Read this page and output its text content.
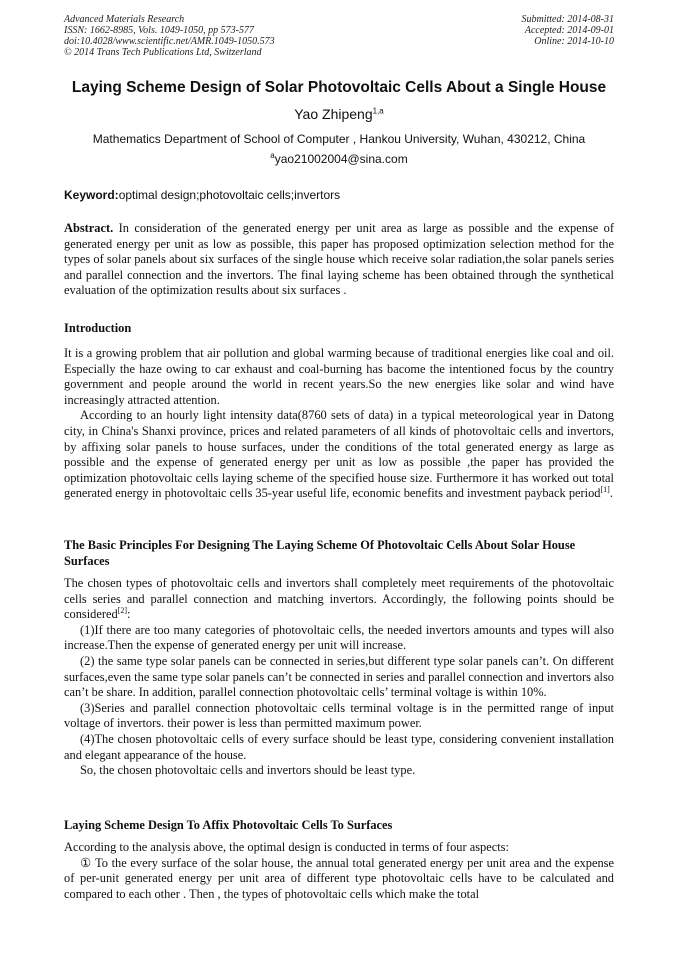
Advanced Materials Research
ISSN: 1662-8985, Vols. 1049-1050, pp 573-577
doi:10.4028/www.scientific.net/AMR.1049-1050.573
© 2014 Trans Tech Publications Ltd, Switzerland
Submitted: 2014-08-31
Accepted: 2014-09-01
Online: 2014-10-10
Laying Scheme Design of Solar Photovoltaic Cells About a Single House
Yao Zhipeng$^{1,a}$
Mathematics Department of School of Computer , Hankou University, Wuhan, 430212, China
$^a$yao21002004@sina.com
Keyword:optimal design;photovoltaic cells;invertors

Abstract. In consideration of the generated energy per unit area as large as possible and the expense of generated energy per unit as low as possible, this paper has proposed optimization selection method for the types of solar panels about six surfaces of the single house which receive solar radiation,the solar panels series and parallel connection and the invertors. The final laying scheme has been obtained through the synthetical evaluation of the optimization results about six surfaces .

Introduction

It is a growing problem that air pollution and global warming because of traditional energies like coal and oil. Especially the haze owing to car exhaust and coal-burning has bacome the intentioned focus by the country government and people around the world in recent years.So the new energies like solar and wind have increasingly attracted attention.

According to an hourly light intensity data(8760 sets of data) in a typical meteorological year in Datong city, in China's Shanxi province, prices and related parameters of all kinds of photovoltaic cells and invertors, by affixing solar panels to house surfaces, under the conditions of the total generated energy as large as possible and the expense of generated energy per unit as low as possible ,the paper has provided the optimization photovoltaic cells laying scheme of the specified house size. Furthermore it has worked out total generated energy in photovoltaic cells 35-year useful life, economic benefits and investment payback period[1].

The Basic Principles For Designing The Laying Scheme Of Photovoltaic Cells About Solar House Surfaces

The chosen types of photovoltaic cells and invertors shall completely meet requirements of the photovoltaic cells series and parallel connection and matching invertors. Accordingly, the following points should be considered[2]:

(1)If there are too many categories of photovoltaic cells, the needed invertors amounts and types will also increase.Then the expense of generated energy per unit will increase.

(2) the same type solar panels can be connected in series,but different type solar panels can’t. On different surfaces,even the same type solar panels can’t be connected in series and parallel connection and invertors also can’t be share. In addition, parallel connection photovoltaic cells’ terminal voltage is within 10%.

(3)Series and parallel connection photovoltaic cells terminal voltage is in the permitted range of input voltage of invertors. their power is less than permitted maximum power.

(4)The chosen photovoltaic cells of every surface should be least type, considering convenient installation and elegant appearance of the house.

So, the chosen photovoltaic cells and invertors should be least type.

Laying Scheme Design To Affix Photovoltaic Cells To Surfaces

According to the analysis above, the optimal design is conducted in terms of four aspects:

① To the every surface of the solar house, the annual total generated energy per unit area and the expense of per-unit generated energy per unit area of different type photovoltaic cells have to be calculated and compared to each other . Then , the types of photovoltaic cells which make the total
